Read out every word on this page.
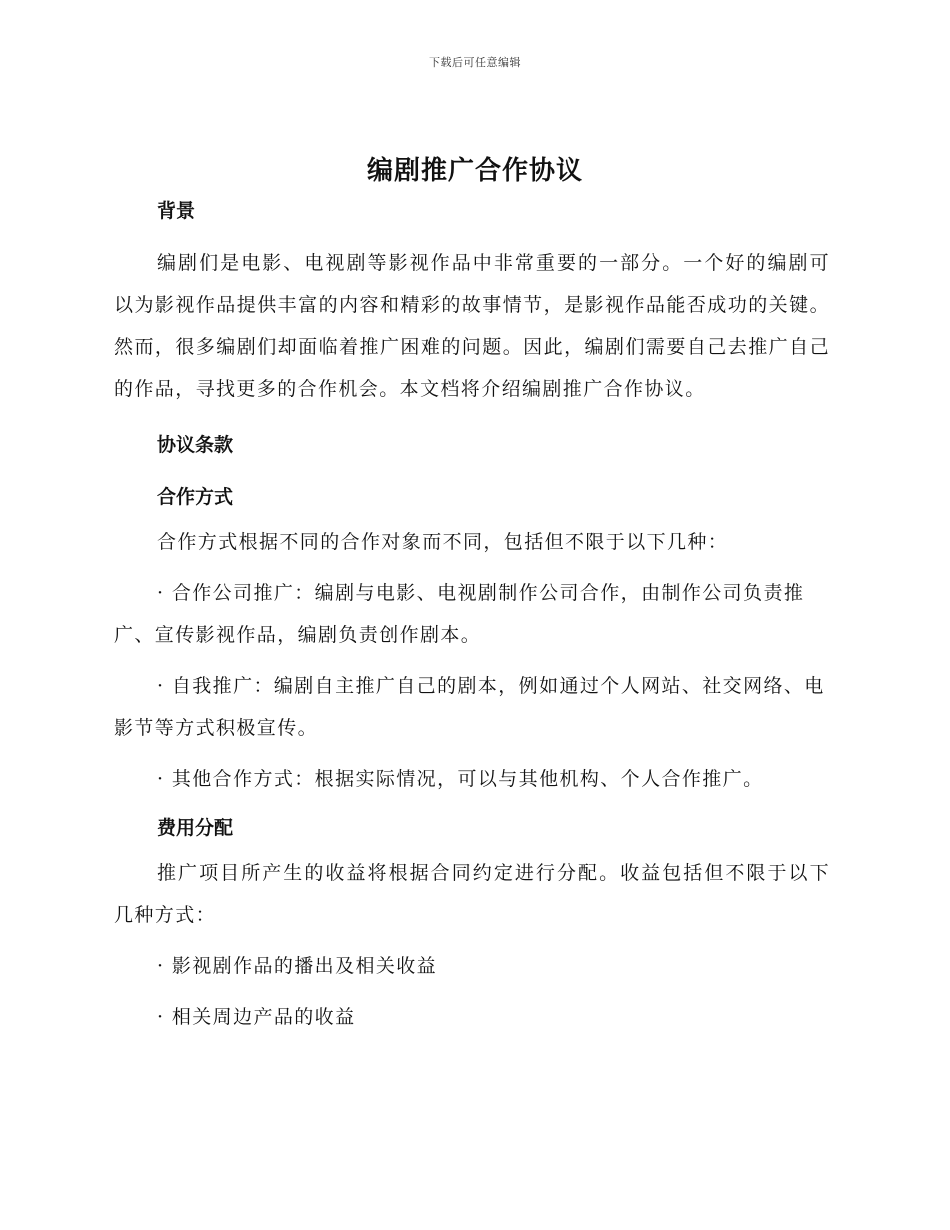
下载后可任意编辑
编剧推广合作协议
背景

编剧们是电影、电视剧等影视作品中非常重要的一部分。一个好的编剧可以为影视作品提供丰富的内容和精彩的故事情节，是影视作品能否成功的关键。然而，很多编剧们却面临着推广困难的问题。因此，编剧们需要自己去推广自己的作品，寻找更多的合作机会。本文档将介绍编剧推广合作协议。

协议条款
合作方式

合作方式根据不同的合作对象而不同，包括但不限于以下几种：

· 合作公司推广：编剧与电影、电视剧制作公司合作，由制作公司负责推广、宣传影视作品，编剧负责创作剧本。

· 自我推广：编剧自主推广自己的剧本，例如通过个人网站、社交网络、电影节等方式积极宣传。

· 其他合作方式：根据实际情况，可以与其他机构、个人合作推广。

费用分配

推广项目所产生的收益将根据合同约定进行分配。收益包括但不限于以下几种方式：

· 影视剧作品的播出及相关收益

· 相关周边产品的收益
